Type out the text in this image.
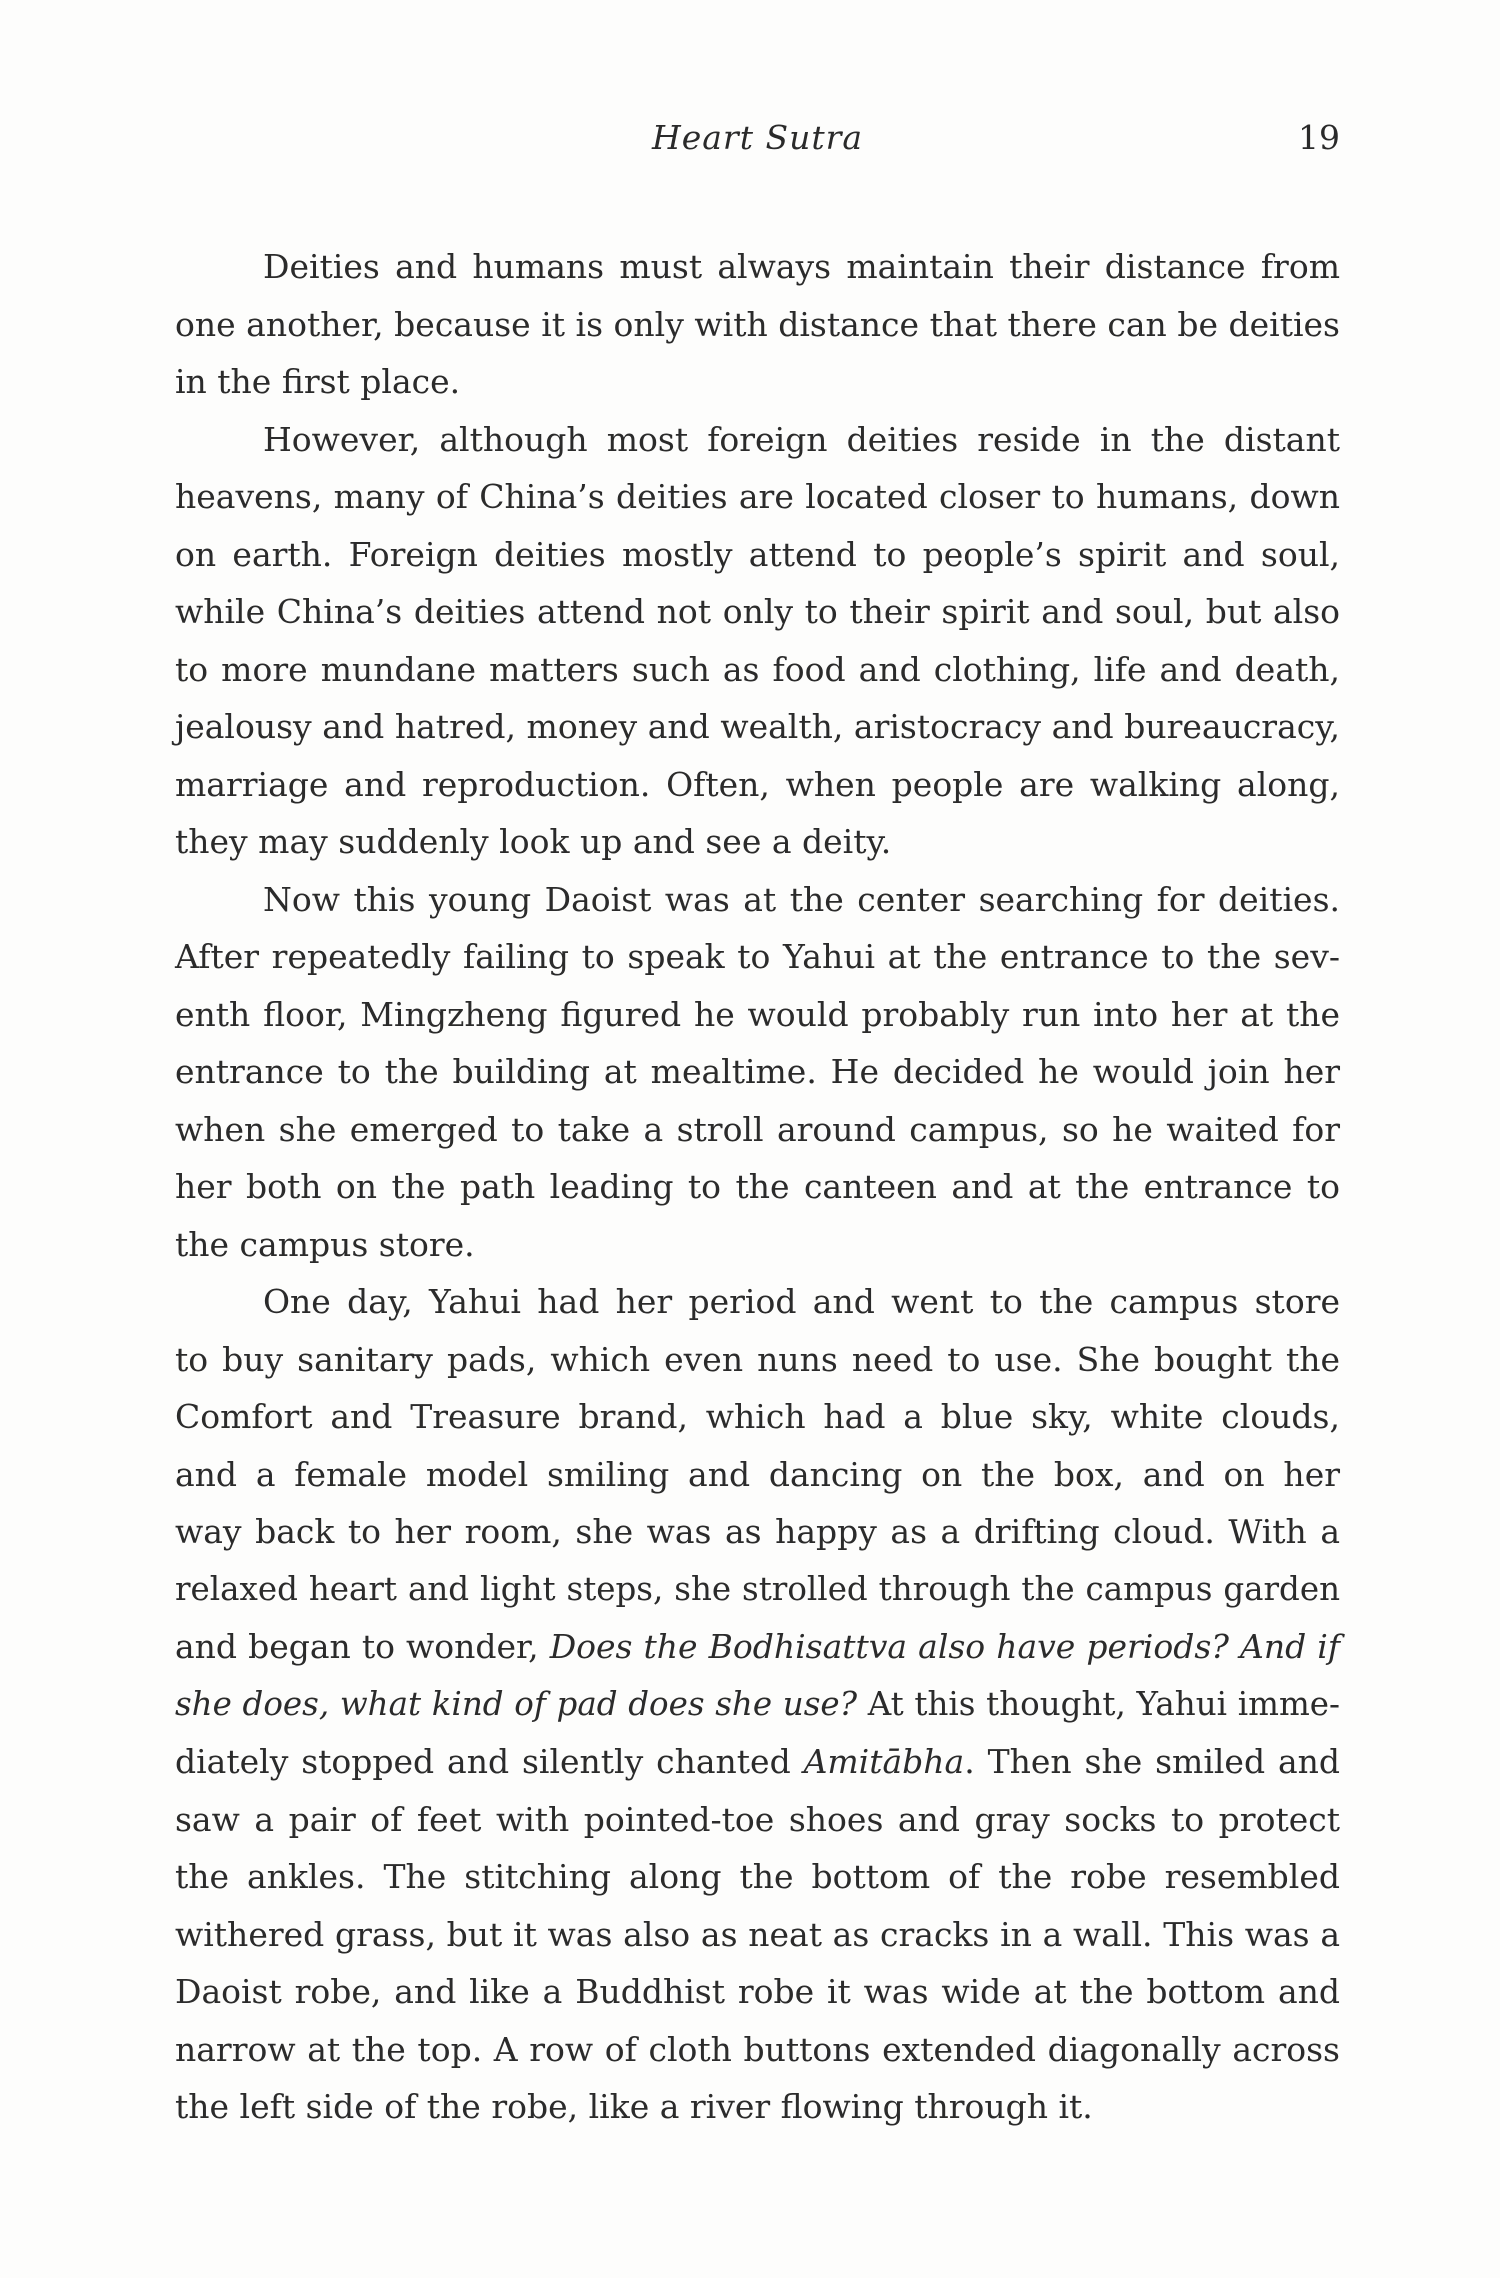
Heart Sutra	19

Deities and humans must always maintain their distance from
one another, because it is only with distance that there can be deities
in the first place.

However, although most foreign deities reside in the distant
heavens, many of China’s deities are located closer to humans, down
on earth. Foreign deities mostly attend to people’s spirit and soul,
while China’s deities attend not only to their spirit and soul, but also
to more mundane matters such as food and clothing, life and death,
jealousy and hatred, money and wealth, aristocracy and bureaucracy,
marriage and reproduction. Often, when people are walking along,
they may suddenly look up and see a deity.

Now this young Daoist was at the center searching for deities.
After repeatedly failing to speak to Yahui at the entrance to the sev-
enth floor, Mingzheng figured he would probably run into her at the
entrance to the building at mealtime. He decided he would join her
when she emerged to take a stroll around campus, so he waited for
her both on the path leading to the canteen and at the entrance to
the campus store.

One day, Yahui had her period and went to the campus store
to buy sanitary pads, which even nuns need to use. She bought the
Comfort and Treasure brand, which had a blue sky, white clouds,
and a female model smiling and dancing on the box, and on her
way back to her room, she was as happy as a drifting cloud. With a
relaxed heart and light steps, she strolled through the campus garden
and began to wonder, Does the Bodhisattva also have periods? And if
she does, what kind of pad does she use? At this thought, Yahui imme-
diately stopped and silently chanted Amitābha. Then she smiled and
saw a pair of feet with pointed-toe shoes and gray socks to protect
the ankles. The stitching along the bottom of the robe resembled
withered grass, but it was also as neat as cracks in a wall. This was a
Daoist robe, and like a Buddhist robe it was wide at the bottom and
narrow at the top. A row of cloth buttons extended diagonally across
the left side of the robe, like a river flowing through it.
